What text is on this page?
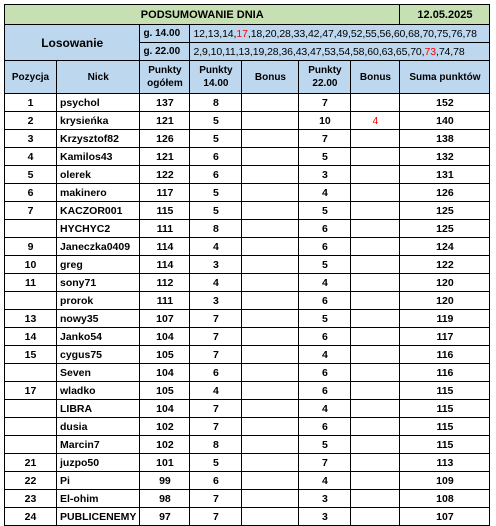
PODSUMOWANIE DNIA							12.05.2025
Losowanie		g. 14.00	12,13,14,17,18,20,28,33,42,47,49,52,55,56,60,68,70,75,76,78				
		g. 22.00	2,9,10,11,13,19,28,36,43,47,53,54,58,60,63,65,70,73,74,78				
Pozycja	Nick	Punkty ogółem	Punkty 14.00	Bonus	Punkty 22.00	Bonus	Suma punktów
1	psychol	137	8		7		152
2	krysieńka	121	5		10	4	140
3	Krzysztof82	126	5		7		138
4	Kamilos43	121	6		5		132
5	olerek	122	6		3		131
6	makinero	117	5		4		126
7	KACZOR001	115	5		5		125
	HYCHYC2	111	8		6		125
9	Janeczka0409	114	4		6		124
10	greg	114	3		5		122
11	sony71	112	4		4		120
	prorok	111	3		6		120
13	nowy35	107	7		5		119
14	Janko54	104	7		6		117
15	cygus75	105	7		4		116
	Seven	104	6		6		116
17	wladko	105	4		6		115
	LIBRA	104	7		4		115
	dusia	102	7		6		115
	Marcin7	102	8		5		115
21	juzpo50	101	5		7		113
22	Pi	99	6		4		109
23	El-ohim	98	7		3		108
24	PUBLICENEMY	97	7		3		107
